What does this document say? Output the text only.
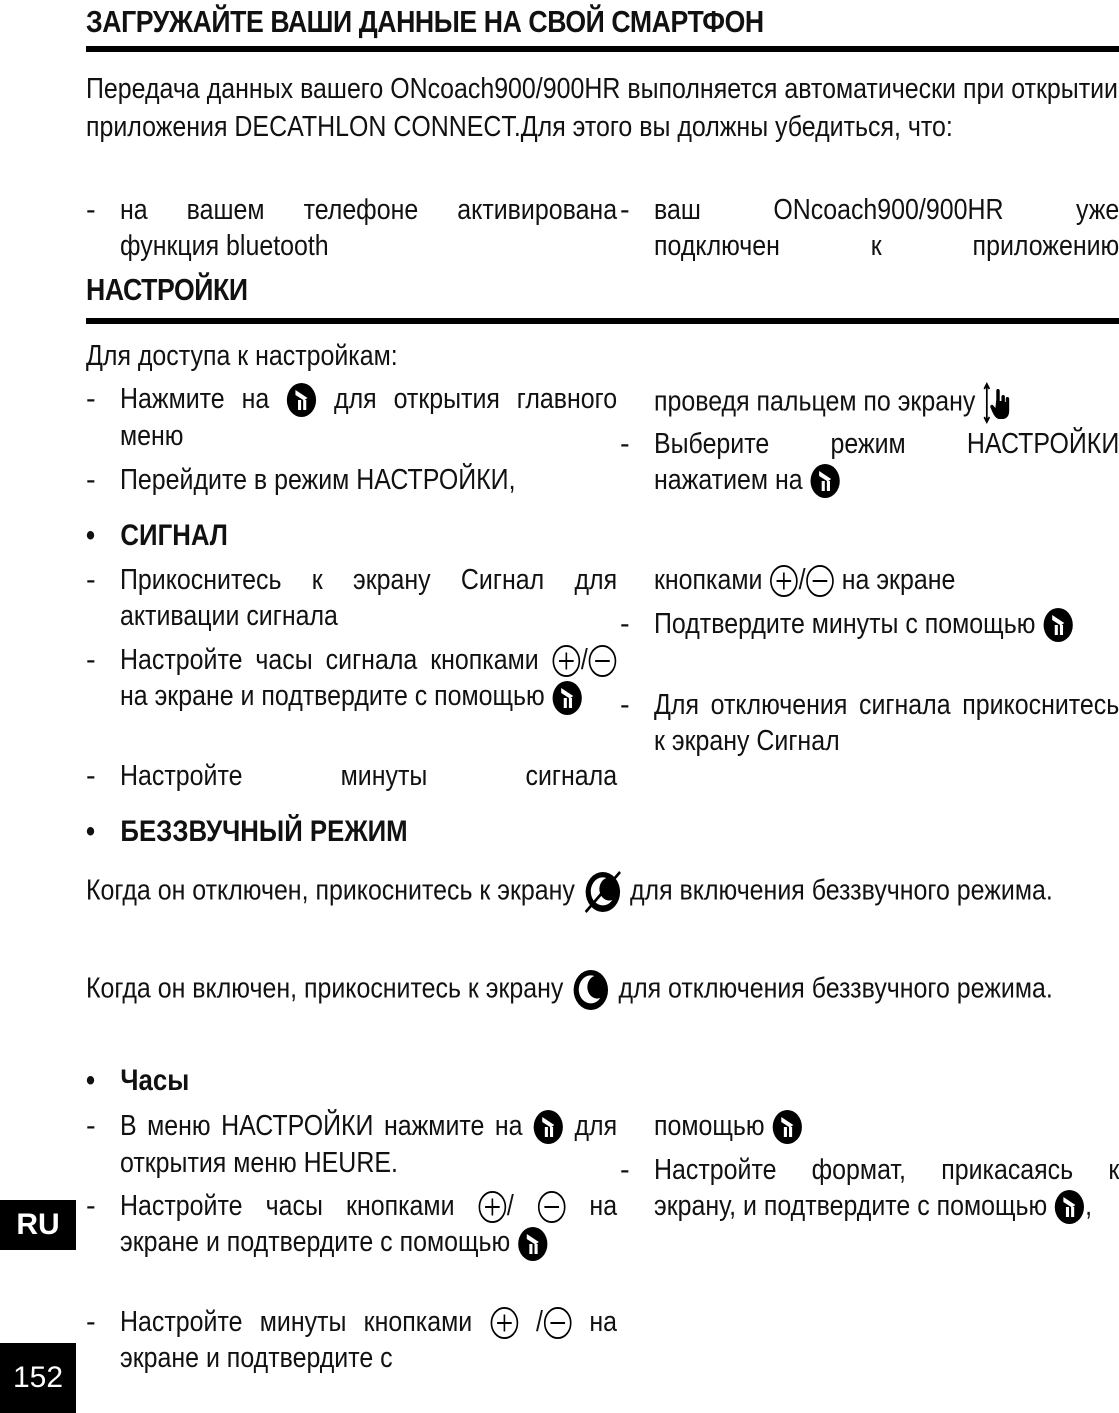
ЗАГРУЖАЙТЕ ВАШИ ДАННЫЕ НА СВОЙ СМАРТФОН
Передача данных вашего ONcoach900/900HR выполняется автоматически при открытии приложения DECATHLON CONNECT.Для этого вы должны убедиться, что:
- на вашем телефоне активирована функция bluetooth
- ваш ONcoach900/900HR уже подключен к приложению
НАСТРОЙКИ
Для доступа к настройкам:
- Нажмите на для открытия главного меню
- Перейдите в режим НАСТРОЙКИ,
проведя пальцем по экрану
- Выберите режим НАСТРОЙКИ нажатием на
• СИГНАЛ
- Прикоснитесь к экрану Сигнал для активации сигнала
- Настройте часы сигнала кнопками / на экране и подтвердите с помощью
- Настройте минуты сигнала
кнопками / на экране
- Подтвердите минуты с помощью
- Для отключения сигнала прикоснитесь к экрану Сигнал
• БЕЗЗВУЧНЫЙ РЕЖИМ
Когда он отключен, прикоснитесь к экрану для включения беззвучного режима.
Когда он включен, прикоснитесь к экрану для отключения беззвучного режима.
• Часы
- В меню НАСТРОЙКИ нажмите на для открытия меню HEURE.
- Настройте часы кнопками /	на экране и подтвердите с помощью
- Настройте минуты кнопками / на экране и подтвердите с
помощью
- Настройте формат, прикасаясь к экрану, и подтвердите с помощью ,
RU
152
